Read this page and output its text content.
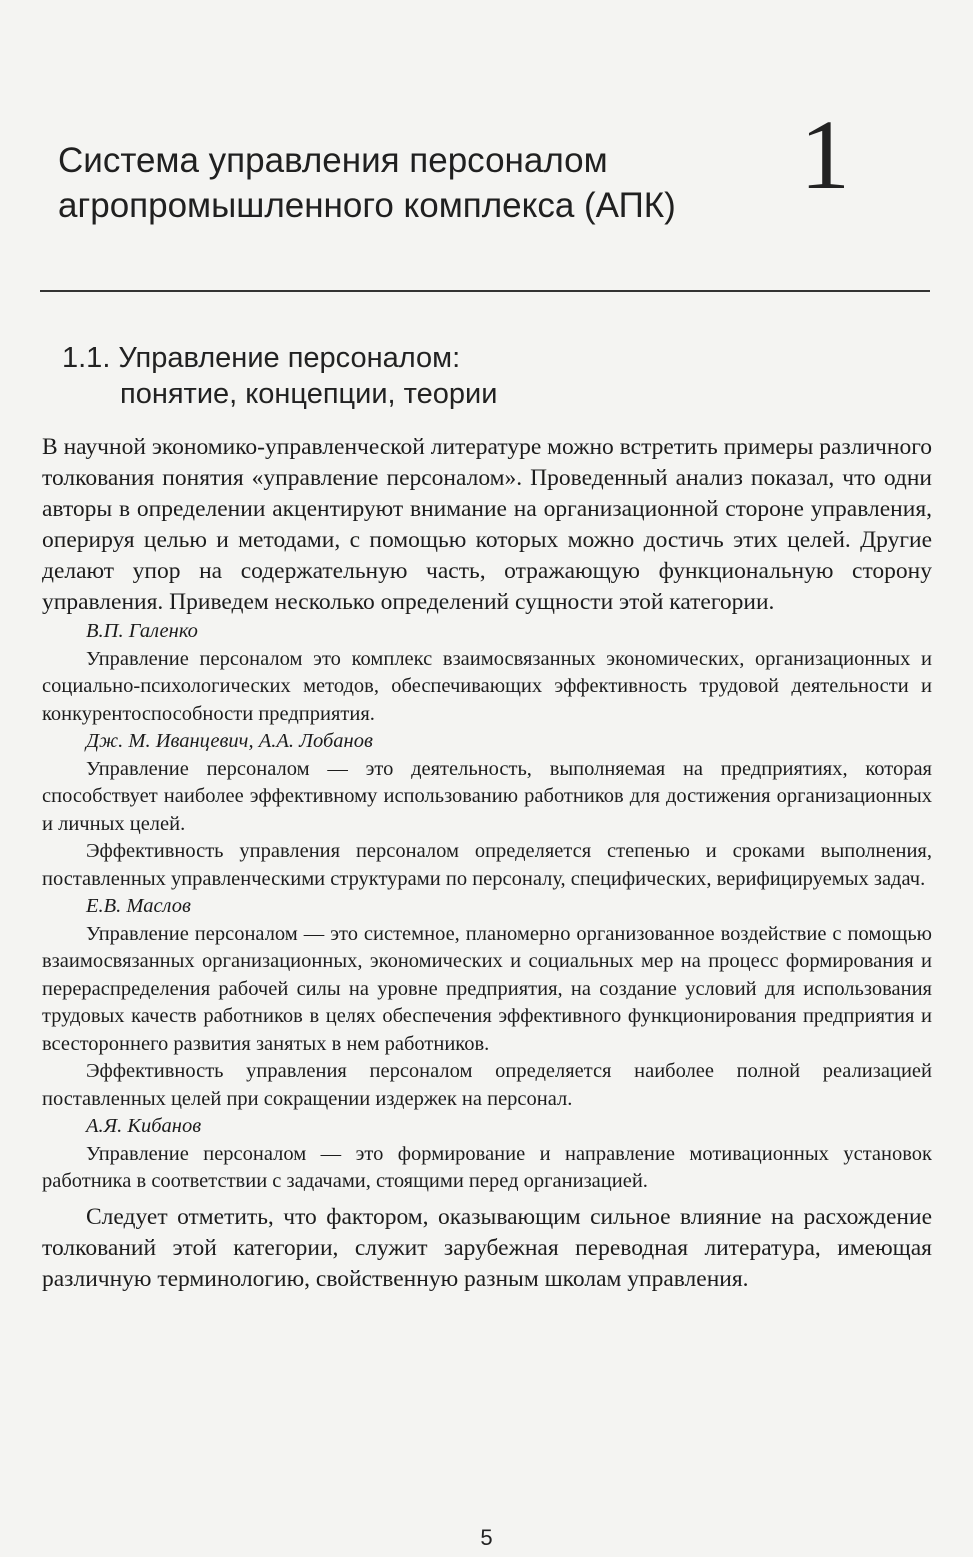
Система управления персоналом агропромышленного комплекса (АПК)	1
1.1. Управление персоналом:
понятие, концепции, теории

В научной экономико-управленческой литературе можно встретить примеры различного толкования понятия «управление персоналом». Проведенный анализ показал, что одни авторы в определении акцентируют внимание на организационной стороне управления, оперируя целью и методами, с помощью которых можно достичь этих целей. Другие делают упор на содержательную часть, отражающую функциональную сторону управления. Приведем несколько определений сущности этой категории.

В.П. Галенко

Управление персоналом это комплекс взаимосвязанных экономических, организационных и социально-психологических методов, обеспечивающих эффективность трудовой деятельности и конкурентоспособности предприятия.

Дж. М. Иванцевич, А.А. Лобанов

Управление персоналом — это деятельность, выполняемая на предприятиях, которая способствует наиболее эффективному использованию работников для достижения организационных и личных целей.

Эффективность управления персоналом определяется степенью и сроками выполнения, поставленных управленческими структурами по персоналу, специфических, верифицируемых задач.

Е.В. Маслов

Управление персоналом — это системное, планомерно организованное воздействие с помощью взаимосвязанных организационных, экономических и социальных мер на процесс формирования и перераспределения рабочей силы на уровне предприятия, на создание условий для использования трудовых качеств работников в целях обеспечения эффективного функционирования предприятия и всестороннего развития занятых в нем работников.

Эффективность управления персоналом определяется наиболее полной реализацией поставленных целей при сокращении издержек на персонал.

А.Я. Кибанов

Управление персоналом — это формирование и направление мотивационных установок работника в соответствии с задачами, стоящими перед организацией.

Следует отметить, что фактором, оказывающим сильное влияние на расхождение толкований этой категории, служит зарубежная переводная литература, имеющая различную терминологию, свойственную разным школам управления.

5
